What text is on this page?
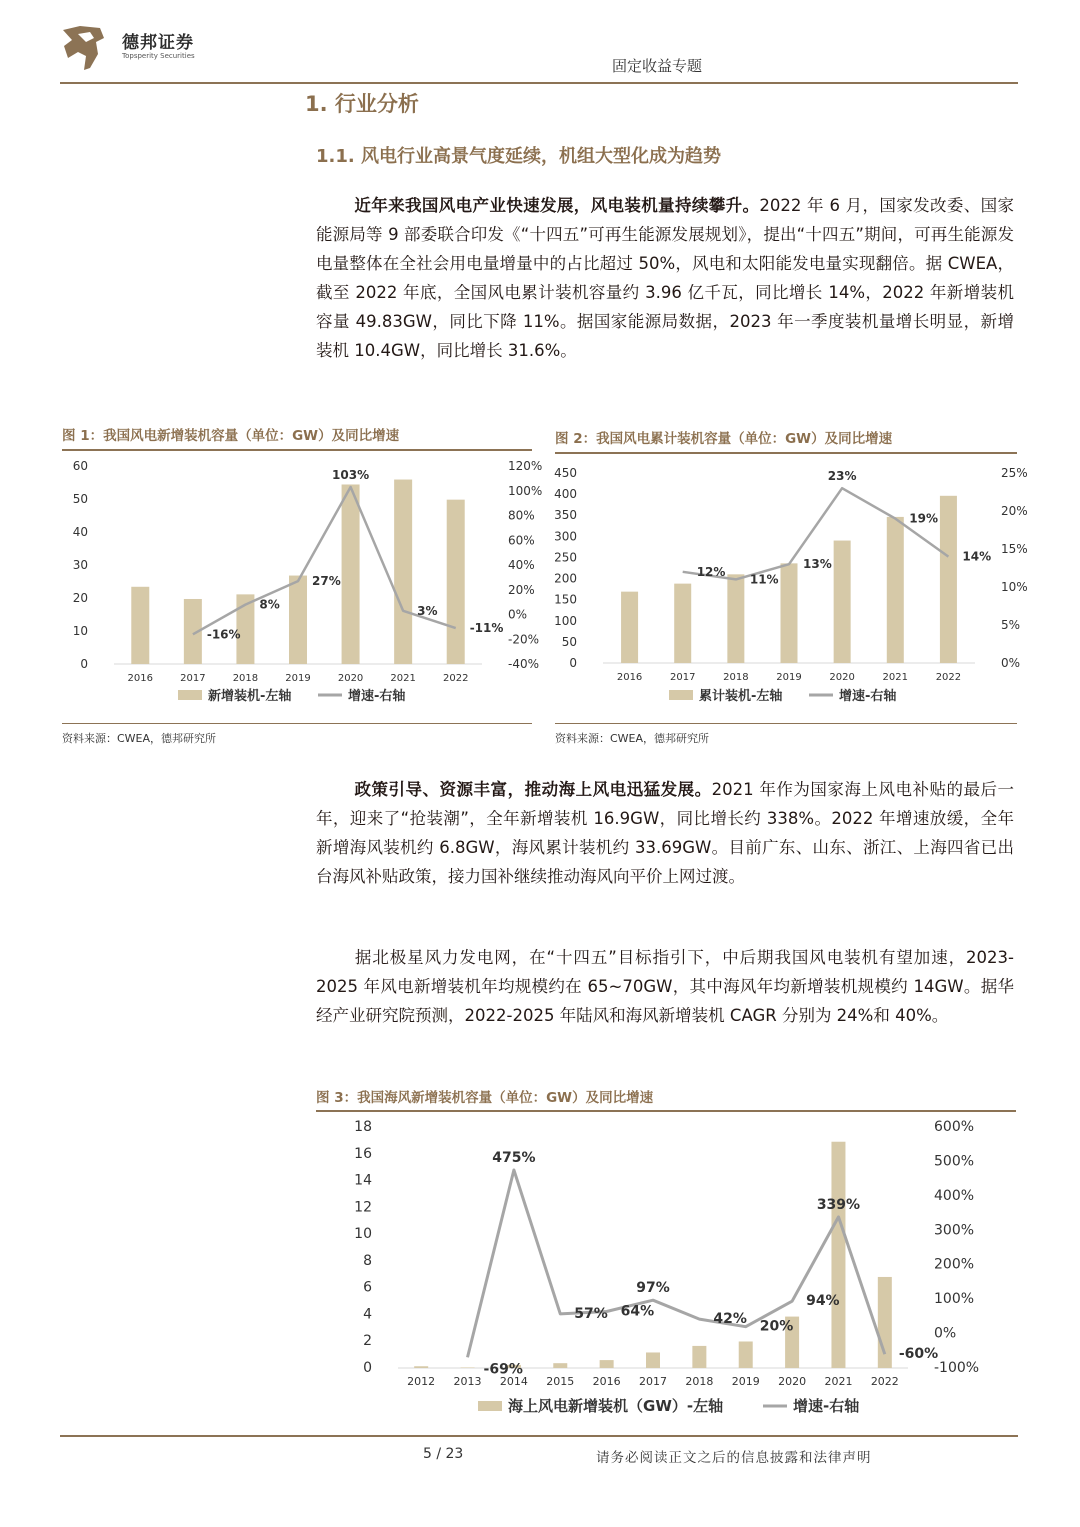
德邦证券
Topsperity Securities
固定收益专题
1. 行业分析
1.1. 风电行业高景气度延续，机组大型化成为趋势
近年来我国风电产业快速发展，风电装机量持续攀升。2022 年 6 月，国家发改委、国家能源局等 9 部委联合印发《“十四五”可再生能源发展规划》，提出“十四五”期间，可再生能源发电量整体在全社会用电量增量中的占比超过 50%，风电和太阳能发电量实现翻倍。据 CWEA，截至 2022 年底，全国风电累计装机容量约 3.96 亿千瓦，同比增长 14%，2022 年新增装机容量 49.83GW，同比下降 11%。据国家能源局数据，2023 年一季度装机量增长明显，新增装机 10.4GW，同比增长 31.6%。
图 1：我国风电新增装机容量（单位：GW）及同比增速
0
10
20
30
40
50
60
-40%
-20%
0%
20%
40%
60%
80%
100%
120%
2016	2017	2018	2019	2020	2021	2022
-16%
8%
27%
103%
3%
-11%
新增装机-左轴	增速-右轴
资料来源：CWEA，德邦研究所
图 2：我国风电累计装机容量（单位：GW）及同比增速
0
50
100
150
200
250
300
350
400
450
0%
5%
10%
15%
20%
25%
2016	2017	2018	2019	2020	2021	2022
12%
11%
13%
23%
19%
14%
累计装机-左轴	增速-右轴
资料来源：CWEA，德邦研究所
政策引导、资源丰富，推动海上风电迅猛发展。2021 年作为国家海上风电补贴的最后一年，迎来了“抢装潮”，全年新增装机 16.9GW，同比增长约 338%。2022 年增速放缓，全年新增海风装机约 6.8GW，海风累计装机约 33.69GW。目前广东、山东、浙江、上海四省已出台海风补贴政策，接力国补继续推动海风向平价上网过渡。
据北极星风力发电网，在“十四五”目标指引下，中后期我国风电装机有望加速，2023-2025 年风电新增装机年均规模约在 65~70GW，其中海风年均新增装机规模约 14GW。据华经产业研究院预测，2022-2025 年陆风和海风新增装机 CAGR 分别为 24%和 40%。
图 3：我国海风新增装机容量（单位：GW）及同比增速
0
2
4
6
8
10
12
14
16
18
-100%
0%
100%
200%
300%
400%
500%
600%
2012 2013 2014 2015 2016 2017 2018 2019 2020 2021 2022
-69%
475%
57% 64%
97%
42% 20%
94%
339%
-60%
海上风电新增装机（GW）-左轴	增速-右轴
5 / 23	请务必阅读正文之后的信息披露和法律声明
